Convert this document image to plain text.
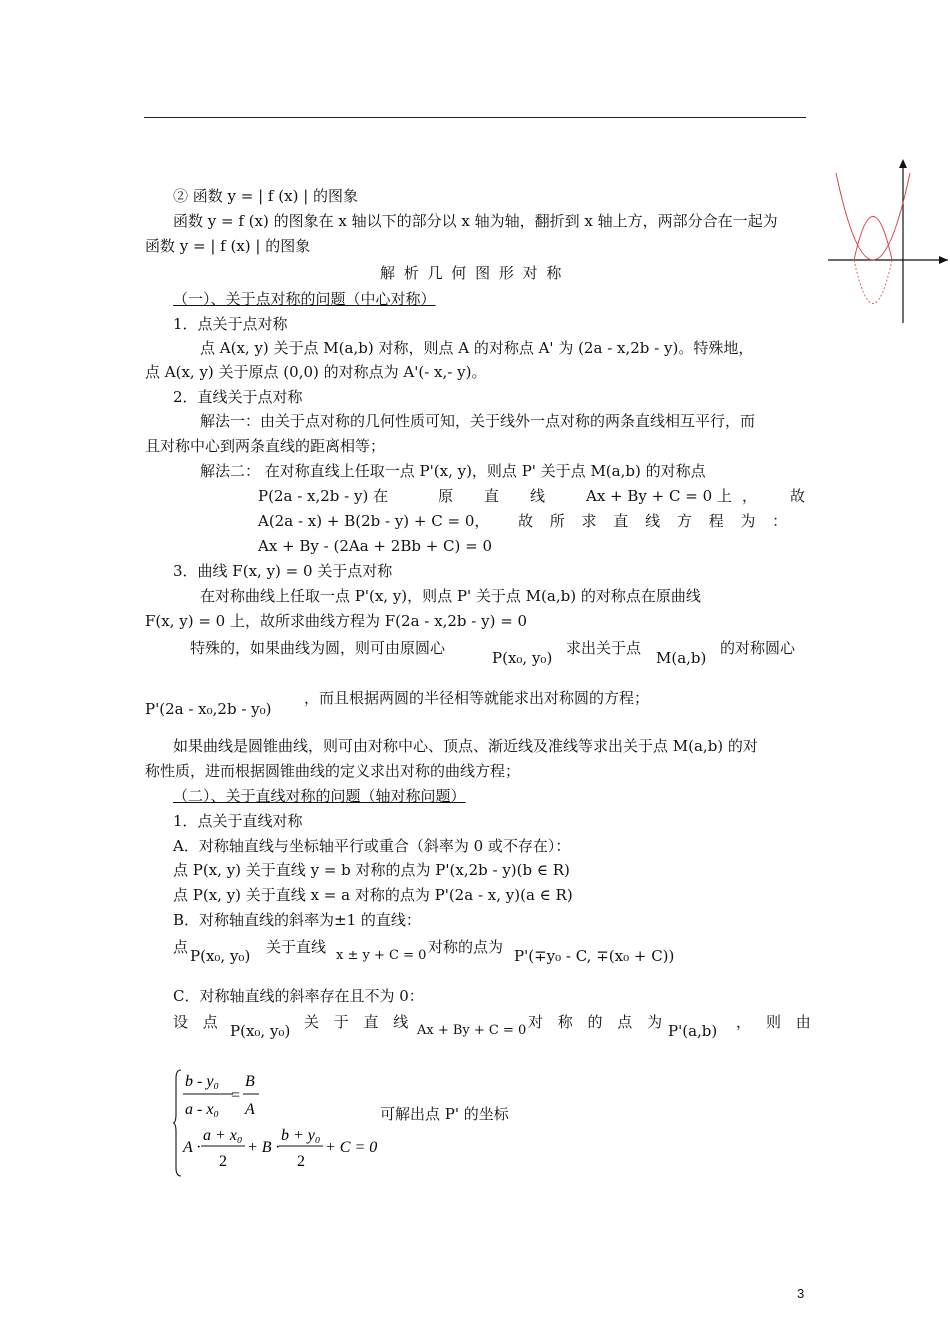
② 函数 y = | f (x) | 的图象
函数 y = f (x) 的图象在 x 轴以下的部分以 x 轴为轴，翻折到 x 轴上方，两部分合在一起为
函数 y = | f (x) | 的图象
解 析 几 何 图 形 对 称
（一）、关于点对称的问题（中心对称）
1．点关于点对称
点 A(x, y) 关于点 M(a,b) 对称，则点 A 的对称点 A' 为 (2a - x,2b - y)。特殊地，
点 A(x, y) 关于原点 (0,0) 的对称点为 A'(- x,- y)。
2．直线关于点对称
解法一：由关于点对称的几何性质可知，关于线外一点对称的两条直线相互平行，而
且对称中心到两条直线的距离相等；
解法二： 在对称直线上任取一点 P'(x, y)，则点 P' 关于点 M(a,b) 的对称点
P(2a - x,2b - y) 在	原 直 线	Ax + By + C = 0 上 ， 故
A(2a - x) + B(2b - y) + C = 0， 故 所 求 直 线 方 程 为 ：
Ax + By - (2Aa + 2Bb + C) = 0
3．曲线 F(x, y) = 0 关于点对称
在对称曲线上任取一点 P'(x, y)，则点 P' 关于点 M(a,b) 的对称点在原曲线
F(x, y) = 0 上，故所求曲线方程为 F(2a - x,2b - y) = 0
特殊的，如果曲线为圆，则可由原圆心
P(x₀, y₀)
求出关于点
M(a,b)
的对称圆心
P'(2a - x₀,2b - y₀)
，而且根据两圆的半径相等就能求出对称圆的方程；
如果曲线是圆锥曲线，则可由对称中心、顶点、渐近线及准线等求出关于点 M(a,b) 的对
称性质，进而根据圆锥曲线的定义求出对称的曲线方程；
（二）、关于直线对称的问题（轴对称问题）
1．点关于直线对称
A．对称轴直线与坐标轴平行或重合（斜率为 0 或不存在）：
点 P(x, y) 关于直线 y = b 对称的点为 P'(x,2b - y)(b ∈ R)
点 P(x, y) 关于直线 x = a 对称的点为 P'(2a - x, y)(a ∈ R)
B．对称轴直线的斜率为±1 的直线：
点 P(x₀, y₀) 关于直线 x ± y + C = 0 对称的点为 P'(∓y₀ - C, ∓(x₀ + C))
C．对称轴直线的斜率存在且不为 0：
设 点 P(x₀, y₀) 关 于 直 线 Ax + By + C = 0 对 称 的 点 为 P'(a,b) ， 则 由
b - y₀
a - x₀
=
B
A
A ·
a + x₀
2
+ B ·
b + y₀
2
+ C = 0
可解出点 P' 的坐标
3
